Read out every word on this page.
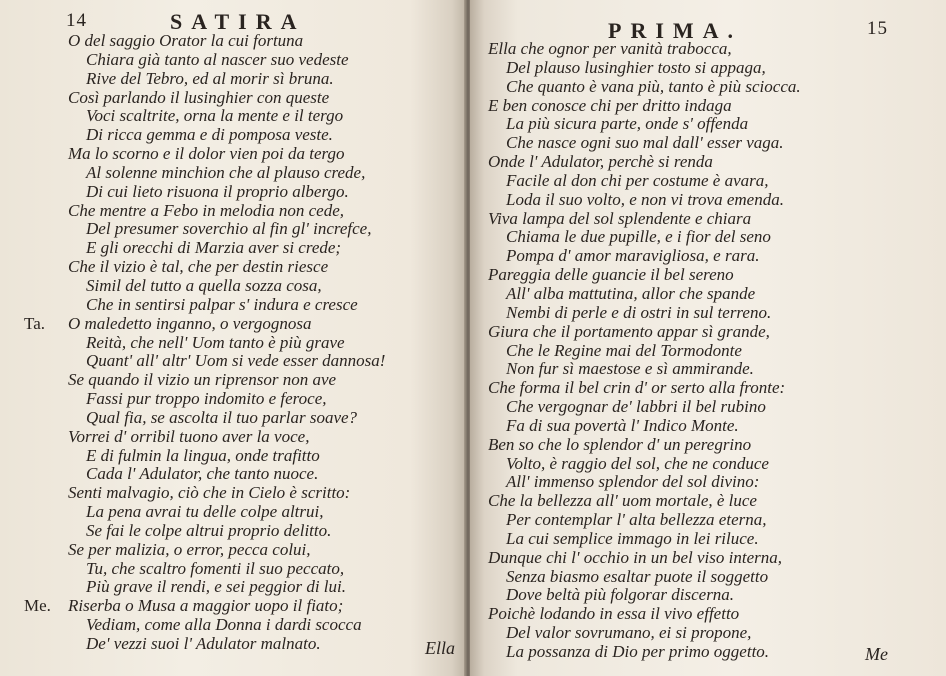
14	SATIRA
O del saggio Orator la cui fortuna
Chiara già tanto al nascer suo vedeste
Rive del Tebro, ed al morir sì bruna.
Così parlando il lusinghier con queste
Voci scaltrite, orna la mente e il tergo
Di ricca gemma e di pomposa veste.
Ma lo scorno e il dolor vien poi da tergo
Al solenne minchion che al plauso crede,
Di cui lieto risuona il proprio albergo.
Che mentre a Febo in melodia non cede,
Del presumer soverchio al fin gl' increfce,
E gli orecchi di Marzia aver si crede;
Che il vizio è tal, che per destin riesce
Simil del tutto a quella sozza cosa,
Che in sentirsi palpar s' indura e cresce
Ta. O maledetto inganno, o vergognosa
Reità, che nell' Uom tanto è più grave
Quant' all' altr' Uom si vede esser dannosa!
Se quando il vizio un riprensor non ave
Fassi pur troppo indomito e feroce,
Qual fia, se ascolta il tuo parlar soave?
Vorrei d' orribil tuono aver la voce,
E di fulmin la lingua, onde trafitto
Cada l' Adulator, che tanto nuoce.
Senti malvagio, ciò che in Cielo è scritto:
La pena avrai tu delle colpe altrui,
Se fai le colpe altrui proprio delitto.
Se per malizia, o error, pecca colui,
Tu, che scaltro fomenti il suo peccato,
Più grave il rendi, e sei peggior di lui.
Me. Riserba o Musa a maggior uopo il fiato;
Vediam, come alla Donna i dardi scocca
De' vezzi suoi l' Adulator malnato.	Ella
PRIMA.	15
Ella che ognor per vanità trabocca,
Del plauso lusinghier tosto si appaga,
Che quanto è vana più, tanto è più sciocca.
E ben conosce chi per dritto indaga
La più sicura parte, onde s' offenda
Che nasce ogni suo mal dall' esser vaga.
Onde l' Adulator, perchè si renda
Facile al don chi per costume è avara,
Loda il suo volto, e non vi trova emenda.
Viva lampa del sol splendente e chiara
Chiama le due pupille, e i fior del seno
Pompa d' amor maravigliosa, e rara.
Pareggia delle guancie il bel sereno
All' alba mattutina, allor che spande
Nembi di perle e di ostri in sul terreno.
Giura che il portamento appar sì grande,
Che le Regine mai del Tormodonte
Non fur sì maestose e sì ammirande.
Che forma il bel crin d' or serto alla fronte:
Che vergognar de' labbri il bel rubino
Fa di sua povertà l' Indico Monte.
Ben so che lo splendor d' un peregrino
Volto, è raggio del sol, che ne conduce
All' immenso splendor del sol divino:
Che la bellezza all' uom mortale, è luce
Per contemplar l' alta bellezza eterna,
La cui semplice immago in lei riluce.
Dunque chi l' occhio in un bel viso interna,
Senza biasmo esaltar puote il soggetto
Dove beltà più folgorar discerna.
Poichè lodando in essa il vivo effetto
Del valor sovrumano, ei si propone,
La possanza di Dio per primo oggetto.	Me
